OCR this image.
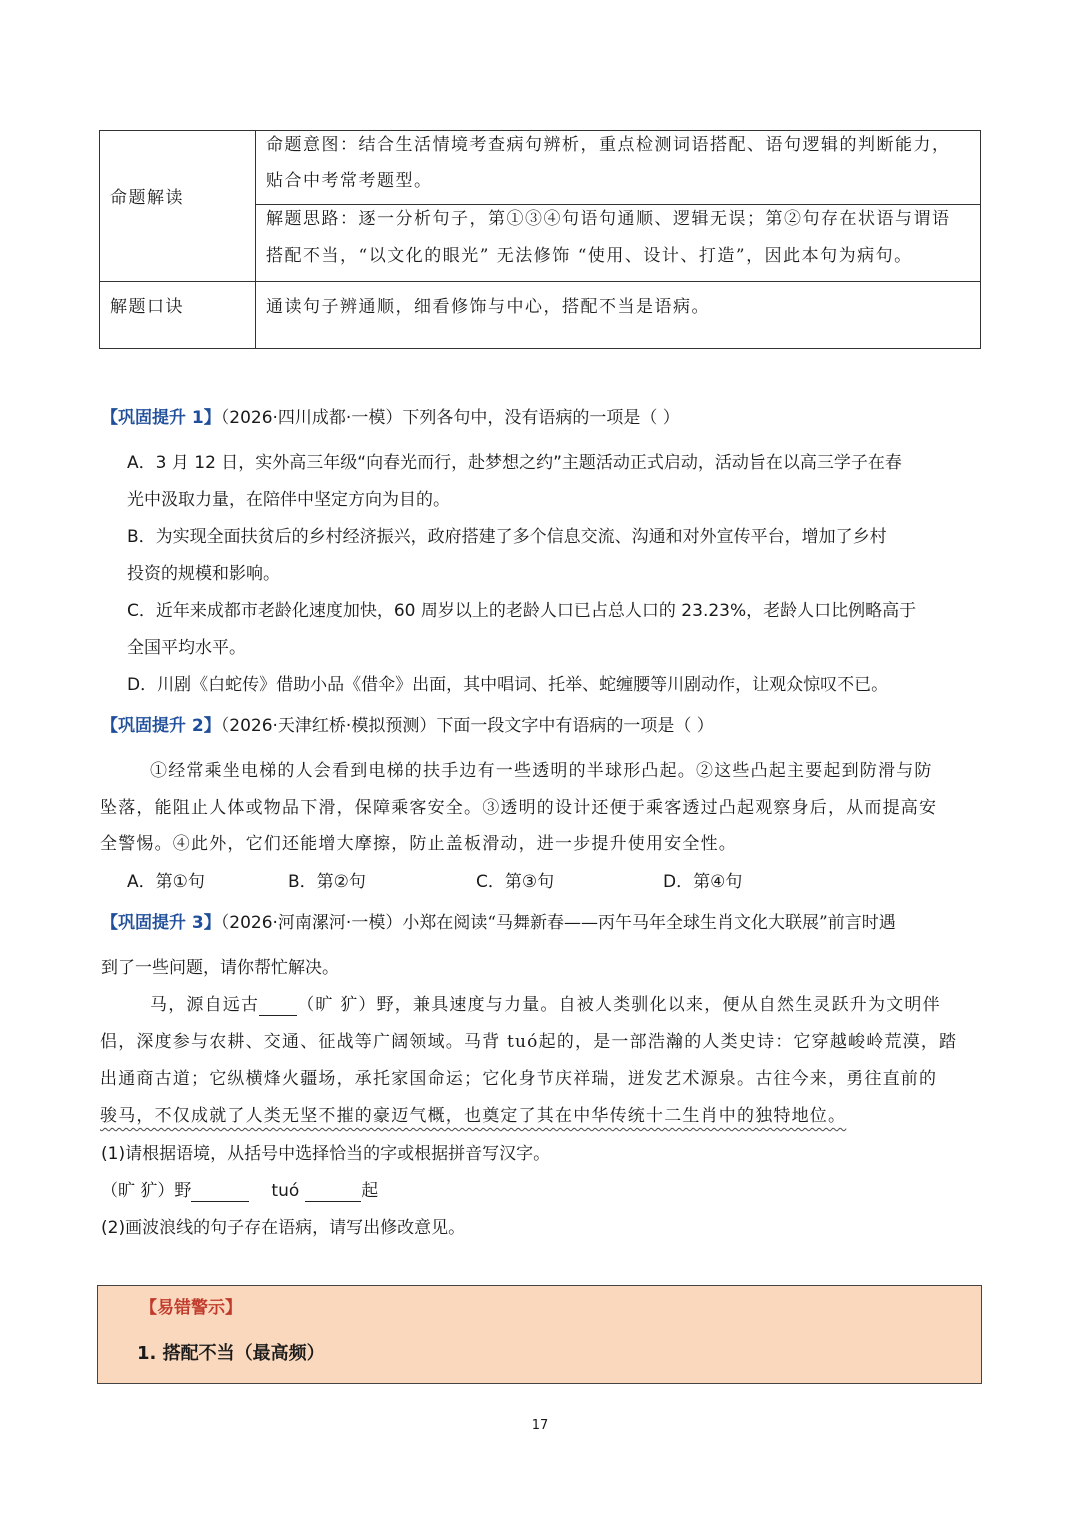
命题解读
命题意图：结合生活情境考查病句辨析，重点检测词语搭配、语句逻辑的判断能力，
贴合中考常考题型。
解题思路：逐一分析句子，第①③④句语句通顺、逻辑无误；第②句存在状语与谓语
搭配不当，“以文化的眼光” 无法修饰 “使用、设计、打造”，因此本句为病句。
解题口诀	通读句子辨通顺，细看修饰与中心，搭配不当是语病。
【巩固提升 1】（2026·四川成都·一模）下列各句中，没有语病的一项是（ ）
A．3 月 12 日，实外高三年级“向春光而行，赴梦想之约”主题活动正式启动，活动旨在以高三学子在春
光中汲取力量，在陪伴中坚定方向为目的。
B．为实现全面扶贫后的乡村经济振兴，政府搭建了多个信息交流、沟通和对外宣传平台，增加了乡村
投资的规模和影响。
C．近年来成都市老龄化速度加快，60 周岁以上的老龄人口已占总人口的 23.23%，老龄人口比例略高于
全国平均水平。
D．川剧《白蛇传》借助小品《借伞》出面，其中唱词、托举、蛇缠腰等川剧动作，让观众惊叹不已。
【巩固提升 2】（2026·天津红桥·模拟预测）下面一段文字中有语病的一项是（ ）
①经常乘坐电梯的人会看到电梯的扶手边有一些透明的半球形凸起。②这些凸起主要起到防滑与防
坠落，能阻止人体或物品下滑，保障乘客安全。③透明的设计还便于乘客透过凸起观察身后，从而提高安
全警惕。④此外，它们还能增大摩擦，防止盖板滑动，进一步提升使用安全性。
A．第①句	B．第②句	C．第③句	D．第④句
【巩固提升 3】（2026·河南漯河·一模）小郑在阅读“马舞新春——丙午马年全球生肖文化大联展”前言时遇
到了一些问题，请你帮忙解决。
马，源自远古 （旷 犷）野，兼具速度与力量。自被人类驯化以来，便从自然生灵跃升为文明伴
侣，深度参与农耕、交通、征战等广阔领域。马背 tuó起的，是一部浩瀚的人类史诗：它穿越峻岭荒漠，踏
出通商古道；它纵横烽火疆场，承托家国命运；它化身节庆祥瑞，迸发艺术源泉。古往今来，勇往直前的
骏马，不仅成就了人类无坚不摧的豪迈气概，也奠定了其在中华传统十二生肖中的独特地位。
(1)请根据语境，从括号中选择恰当的字或根据拼音写汉字。
（旷 犷）野	tuó	起
(2)画波浪线的句子存在语病，请写出修改意见。
【易错警示】
1. 搭配不当（最高频）
17
